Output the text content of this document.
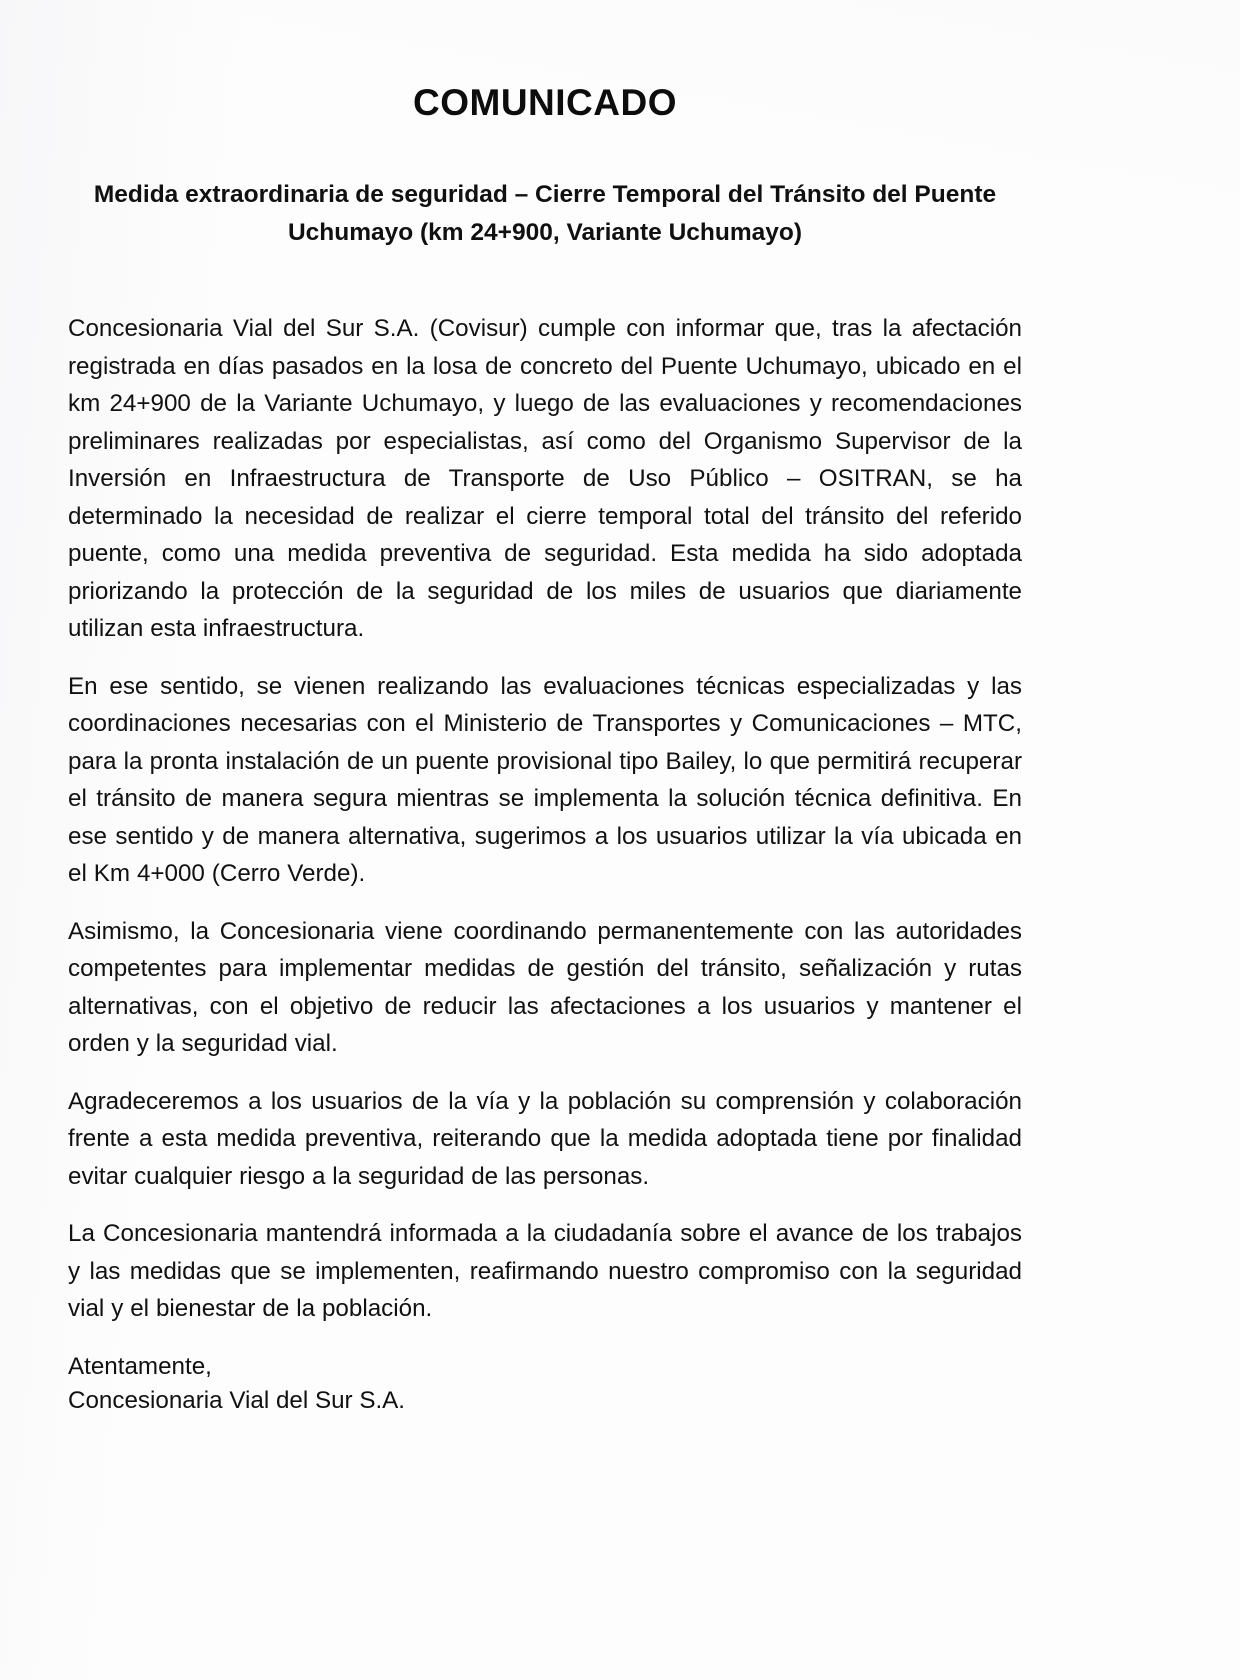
COMUNICADO
Medida extraordinaria de seguridad – Cierre Temporal del Tránsito del Puente Uchumayo (km 24+900, Variante Uchumayo)

Concesionaria Vial del Sur S.A. (Covisur) cumple con informar que, tras la afectación registrada en días pasados en la losa de concreto del Puente Uchumayo, ubicado en el km 24+900 de la Variante Uchumayo, y luego de las evaluaciones y recomendaciones preliminares realizadas por especialistas, así como del Organismo Supervisor de la Inversión en Infraestructura de Transporte de Uso Público – OSITRAN, se ha determinado la necesidad de realizar el cierre temporal total del tránsito del referido puente, como una medida preventiva de seguridad. Esta medida ha sido adoptada priorizando la protección de la seguridad de los miles de usuarios que diariamente utilizan esta infraestructura.

En ese sentido, se vienen realizando las evaluaciones técnicas especializadas y las coordinaciones necesarias con el Ministerio de Transportes y Comunicaciones – MTC, para la pronta instalación de un puente provisional tipo Bailey, lo que permitirá recuperar el tránsito de manera segura mientras se implementa la solución técnica definitiva. En ese sentido y de manera alternativa, sugerimos a los usuarios utilizar la vía ubicada en el Km 4+000 (Cerro Verde).

Asimismo, la Concesionaria viene coordinando permanentemente con las autoridades competentes para implementar medidas de gestión del tránsito, señalización y rutas alternativas, con el objetivo de reducir las afectaciones a los usuarios y mantener el orden y la seguridad vial.

Agradeceremos a los usuarios de la vía y la población su comprensión y colaboración frente a esta medida preventiva, reiterando que la medida adoptada tiene por finalidad evitar cualquier riesgo a la seguridad de las personas.

La Concesionaria mantendrá informada a la ciudadanía sobre el avance de los trabajos y las medidas que se implementen, reafirmando nuestro compromiso con la seguridad vial y el bienestar de la población.

Atentamente,

Concesionaria Vial del Sur S.A.
